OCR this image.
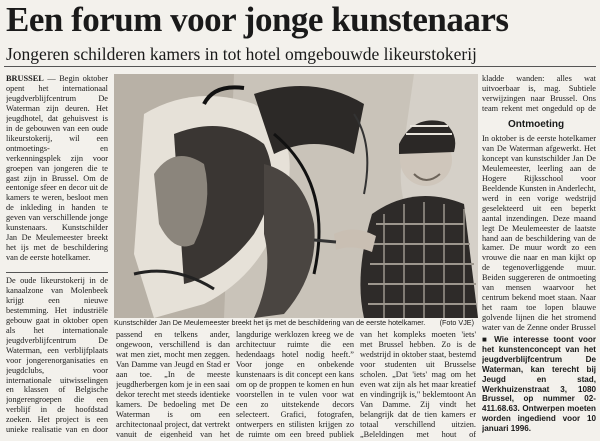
Een forum voor jonge kunstenaars
Jongeren schilderen kamers in tot hotel omgebouwde likeurstokerij

BRUSSEL — Begin oktober opent het internationaal jeugdverblijfcentrum De Waterman zijn deuren. Het jeugdhotel, dat gehuisvest is in de gebouwen van een oude likeurstokerij, wil een ontmoetings- en verkenningsplek zijn voor groepen van jongeren die te gast zijn in Brussel. Om de eentonige sfeer en decor uit de kamers te weren, besloot men de inkleding in handen te geven van verschillende jonge kunstenaars. Kunstschilder Jan De Meulemeester breekt het ijs met de beschildering van de eerste hotelkamer.

De oude likeurstokerij in de kanaalzone van Molenbeek krijgt een nieuwe bestemming. Het industriële gebouw gaat in oktober open als het internationale jeugdverblijfcentrum De Waterman, een verblijfplaats voor jongerenorganisaties en jeugdclubs, voor internationale uitwisselingen en klassen of Belgische jongerengroepen die een verblijf in de hoofdstad zoeken. Het project is een unieke realisatie van en door
Kunstschilder Jan De Meulemeester breekt het ijs met de beschildering van de eerste hotelkamer. (Foto VJE)
passend en telkens ander, ongewoon, verschillend is dan wat men ziet, mocht men zeggen. Van Damme van Jeugd en Stad er aan toe. „In de meeste jeugdherbergen kom je in een saai dekor terecht met steeds identieke kamers. De bedoeling met De Waterman is om een architectonaal project, dat vertrekt vanuit de eigenheid van het
langdurige werklozen kreeg we de architectuur ruimte die een hedendaags hotel nodig heeft.” Voor jonge en onbekende kunstenaars is dit concept een kans om op de proppen te komen en hun voorstellen in te vulen voor wat een zo uitstekende decors selecteert. Grafici, fotografen, ontwerpers en stilisten krijgen zo de ruimte om een breed publiek
van het kompleks moeten 'iets' met Brussel hebben. Zo is de wedstrijd in oktober staat, bestemd voor studenten uit Brusselse scholen. „Dat 'iets' mag om het even wat zijn als het maar kreatief en vindingrijk is," beklemtoont An Van Damme. Zij vindt het belangrijk dat de tien kamers er totaal verschillend uitzien. „Beleldingen met hout of
kladde wanden: alles wat uitvoerbaar is, mag. Subtiele verwijzingen naar Brussel. Ons team rekent met ongeduld op de
Ontmoeting
In oktober is de eerste hotelkamer van De Waterman afgewerkt. Het koncept van kunstschilder Jan De Meulemeester, leerling aan de Hogere Rijksschool voor Beeldende Kunsten in Anderlecht, werd in een vorige wedstrijd geselekteerd uit een beperkt aantal inzendingen. Deze maand legt De Meulemeester de laatste hand aan de beschildering van de kamer. De muur wordt zo een vrouwe die naar en man kijkt op de tegenoverliggende muur. Beiden suggereren de ontmoeting van mensen waarvoor het centrum bekend moet staan. Naar het raam toe lopen blauwe golvende lijnen die het stromend water van de Zenne onder Brussel
■ Wie interesse toont voor het kunstenconcept van het jeugdverblijfcentrum De Waterman, kan terecht bij Jeugd en stad, Werkhuizenstraat 3, 1080 Brussel, op nummer 02-411.68.63. Ontwerpen moeten worden ingediend voor 10 januari 1996.
